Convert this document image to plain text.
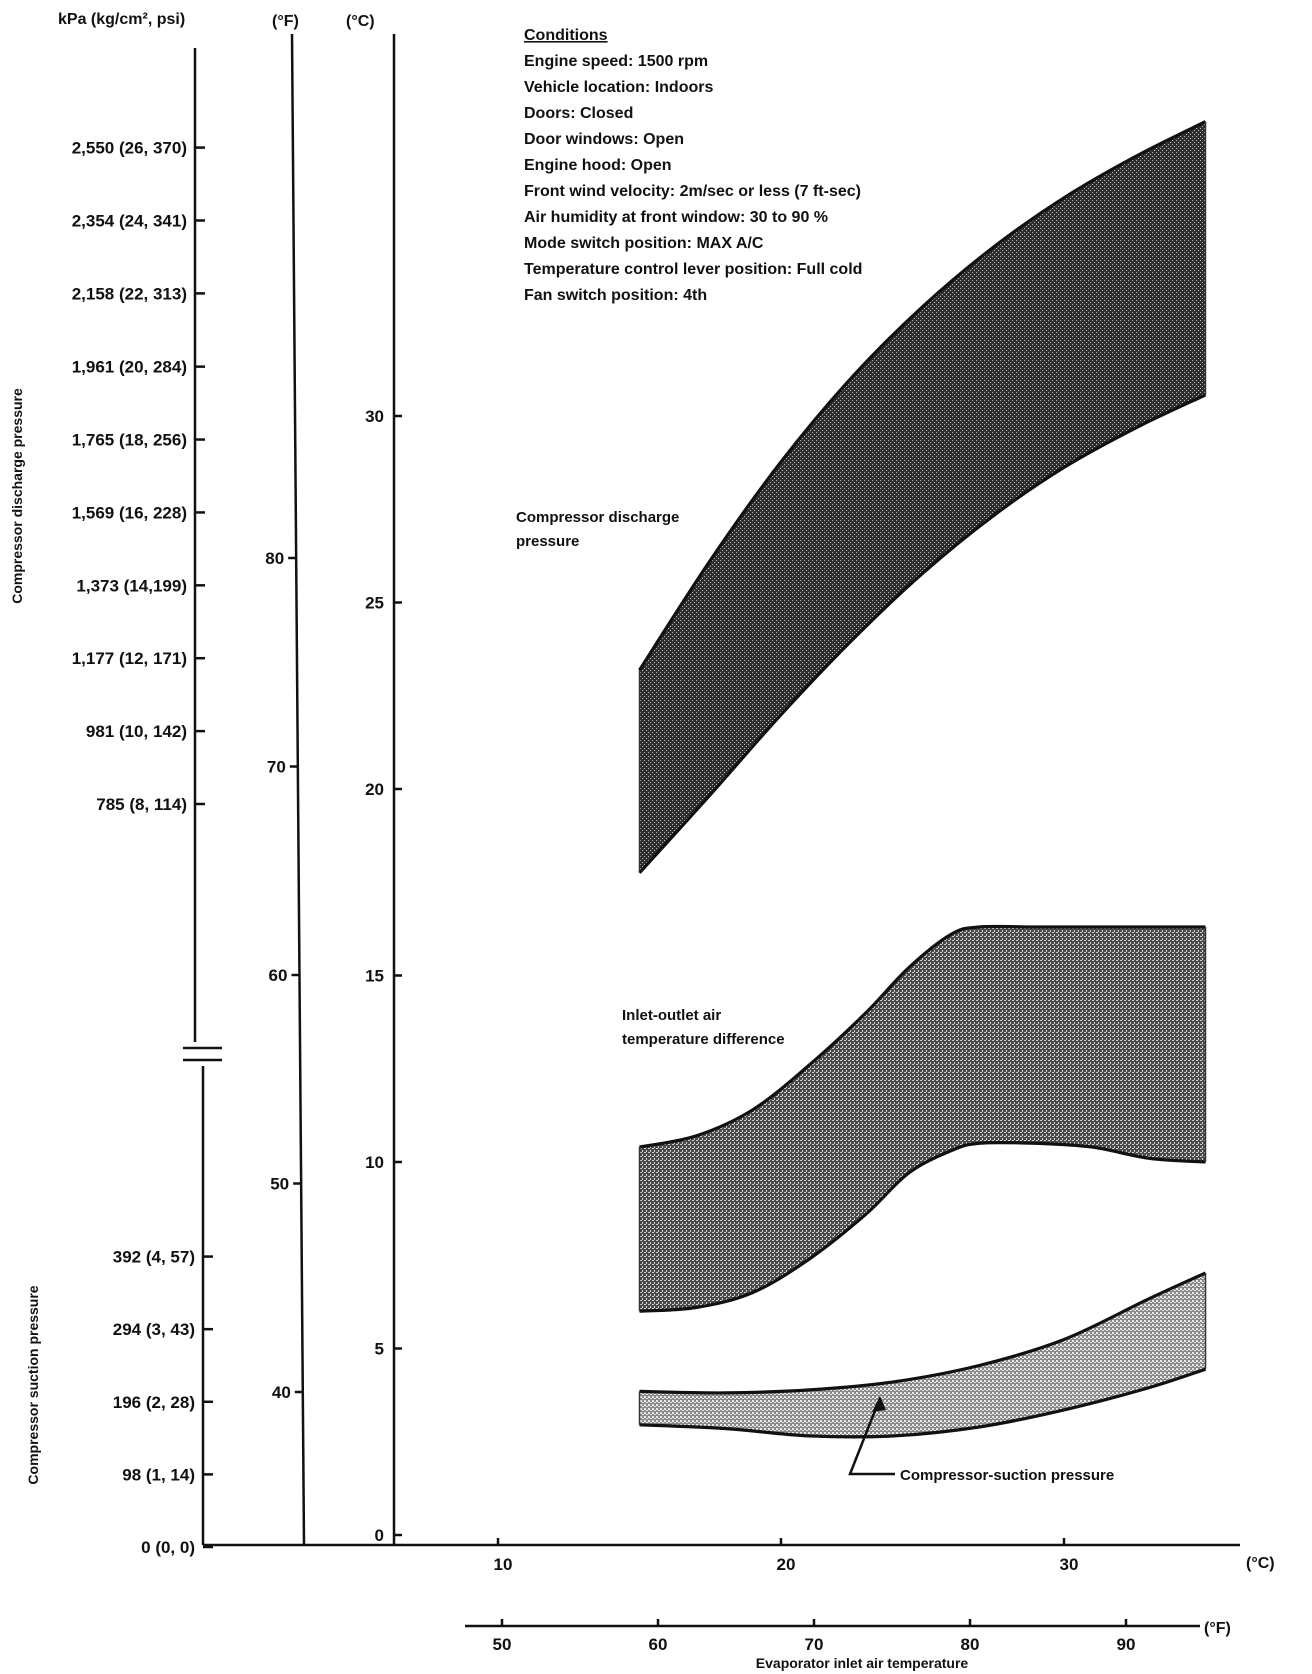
kPa (kg/cm², psi)	(°F)	(°C)
Compressor discharge pressure
Compressor suction pressure
785 (8, 114)
981 (10, 142)
1,177 (12, 171)
1,373 (14,199)
1,569 (16, 228)
1,765 (18, 256)
1,961 (20, 284)
2,158 (22, 313)
2,354 (24, 341)
2,550 (26, 370)
0 (0, 0)
98 (1, 14)
196 (2, 28)
294 (3, 43)
392 (4, 57)
40
50
60
70
80
0
5
10
15
20
25
30
10	20	30
50	60	70	80	90
(°C)
(°F)
Evaporator inlet air temperature
Compressor discharge
pressure
Inlet-outlet air
temperature difference
Compressor-suction pressure
Conditions
Engine speed: 1500 rpm
Vehicle location: Indoors
Doors: Closed
Door windows: Open
Engine hood: Open
Front wind velocity: 2m/sec or less (7 ft-sec)
Air humidity at front window: 30 to 90 %
Mode switch position: MAX A/C
Temperature control lever position: Full cold
Fan switch position: 4th
